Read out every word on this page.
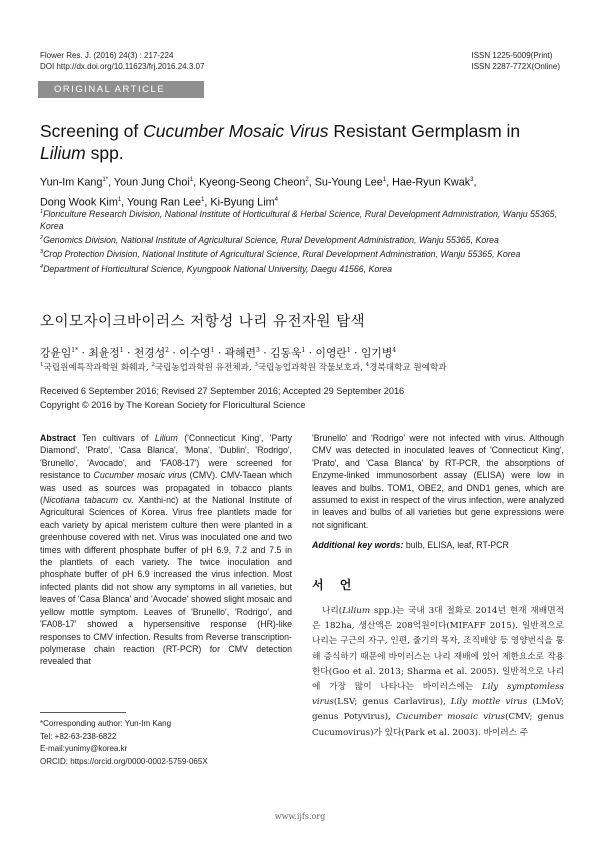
Flower Res. J. (2016) 24(3) : 217-224
DOI http://dx.doi.org/10.11623/frj.2016.24.3.07
ISSN 1225-5009(Print)
ISSN 2287-772X(Online)
ORIGINAL ARTICLE
Screening of Cucumber Mosaic Virus Resistant Germplasm in
Lilium spp.
Yun-Im Kang$^{1*}$, Youn Jung Choi$^1$, Kyeong-Seong Cheon$^2$, Su-Young Lee$^1$, Hae-Ryun Kwak$^3$,
Dong Wook Kim$^1$, Young Ran Lee$^1$, Ki-Byung Lim$^4$

$^1$Floriculture Research Division, National Institute of Horticultural & Herbal Science, Rural Development Administration, Wanju 55365, Korea

$^2$Genomics Division, National Institute of Agricultural Science, Rural Development Administration, Wanju 55365, Korea

$^3$Crop Protection Division, National Institute of Agricultural Science, Rural Development Administration, Wanju 55365, Korea

$^4$Department of Horticultural Science, Kyungpook National University, Daegu 41566, Korea

오이모자이크바이러스 저항성 나리 유전자원 탐색
강윤임$^{1*}$ · 최윤정$^1$ · 천경성$^2$ · 이수영$^1$ · 곽해련$^3$ · 김동욱$^1$ · 이영란$^1$ · 임기병$^4$
$^1$국립원예특작과학원 화훼과, $^2$국립농업과학원 유전체과, $^3$국립농업과학원 작물보호과, $^4$경북대학교 원예학과
Received 6 September 2016; Revised 27 September 2016; Accepted 29 September 2016
Copyright © 2016 by The Korean Society for Floricultural Science
Abstract Ten cultivars of Lilium ('Connecticut King', 'Party Diamond', 'Prato', 'Casa Blanca', 'Mona', 'Dublin', 'Rodrigo', 'Brunello', 'Avocado', and 'FA08-17') were screened for resistance to Cucumber mosaic virus (CMV). CMV-Taean which was used as sources was propagated in tobacco plants (Nicotiana tabacum cv. Xanthi-nc) at the National Institute of Agricultural Sciences of Korea. Virus free plantlets made for each variety by apical meristem culture then were planted in a greenhouse covered with net. Virus was inoculated one and two times with different phosphate buffer of pH 6.9, 7.2 and 7.5 in the plantlets of each variety. The twice inoculation and phosphate buffer of pH 6.9 increased the virus infection. Most infected plants did not show any symptoms in all varieties, but leaves of 'Casa Blanca' and 'Avocade' showed slight mosaic and yellow mottle symptom. Leaves of 'Brunello', 'Rodrigo', and 'FA08-17' showed a hypersensitive response (HR)-like responses to CMV infection. Results from Reverse transcription-polymerase chain reaction (RT-PCR) for CMV detection revealed that
'Brunello' and 'Rodrigo' were not infected with virus. Although CMV was detected in inoculated leaves of 'Connecticut King', 'Prato', and 'Casa Blanca' by RT-PCR, the absorptions of Enzyme-linked immunosorbent assay (ELISA) were low in leaves and bulbs. TOM1, OBE2, and DND1 genes, which are assumed to exist in respect of the virus infection, were analyzed in leaves and bulbs of all varieties but gene expressions were not significant.
Additional key words: bulb, ELISA, leaf, RT-PCR
서 언
나리(Lilium spp.)는 국내 3대 절화로 2014년 현재 재배면적은 182ha, 생산액은 208억원이다(MIFAFF 2015). 일반적으로 나리는 구근의 자구, 인편, 줄기의 목자, 조직배양 등 영양번식을 통해 증식하기 때문에 바이러스는 나리 재배에 있어 제한요소로 작용한다(Goo et al. 2013; Sharma et al. 2005). 일반적으로 나리에 가장 많이 나타나는 바이러스에는 Lily symptomless virus(LSV; genus Carlavirus), Lily mottle virus (LMoV; genus Potyvirus), Cucumber mosaic virus(CMV; genus Cucumovirus)가 있다(Park et al. 2003). 바이러스 주
*Corresponding author: Yun-Im Kang
Tel: +82-63-238-6822
E-mail:yunimy@korea.kr
ORCID: https://orcid.org/0000-0002-5759-065X
www.ijfs.org
